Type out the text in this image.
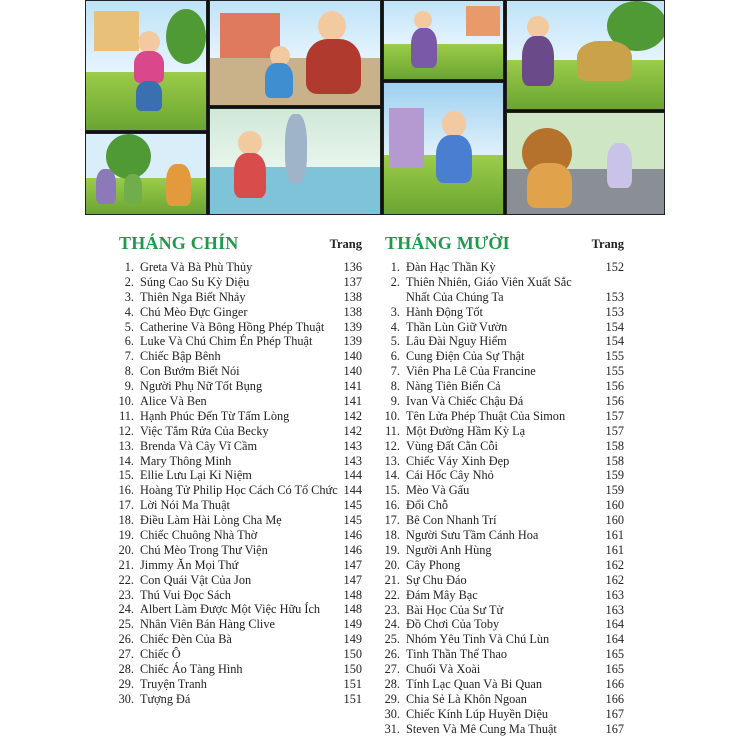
THÁNG CHÍN	Trang
1. Greta Và Bà Phù Thủy	136
2. Súng Cao Su Kỳ Diệu	137
3. Thiên Nga Biết Nhảy	138
4. Chú Mèo Đực Ginger	138
5. Catherine Và Bông Hồng Phép Thuật 139
6. Luke Và Chú Chim Én Phép Thuật	139
7. Chiếc Bập Bênh	140
8. Con Bướm Biết Nói	140
9. Người Phụ Nữ Tốt Bụng	141
10. Alice Và Ben	141
11. Hạnh Phúc Đến Từ Tấm Lòng	142
12. Việc Tắm Rửa Của Becky	142
13. Brenda Và Cây Vĩ Cầm	143
14. Mary Thông Minh	143
15. Ellie Lưu Lại Kỉ Niệm	144
16. Hoàng Tử Philip Học Cách Có Tổ Chức 144
17. Lời Nói Ma Thuật	145
18. Điều Làm Hài Lòng Cha Mẹ	145
19. Chiếc Chuông Nhà Thờ	146
20. Chú Mèo Trong Thư Viện	146
21. Jimmy Ăn Mọi Thứ	147
22. Con Quái Vật Của Jon	147
23. Thú Vui Đọc Sách	148
24. Albert Làm Được Một Việc Hữu Ích 148
25. Nhân Viên Bán Hàng Clive	149
26. Chiếc Đèn Của Bà	149
27. Chiếc Ô	150
28. Chiếc Áo Tàng Hình	150
29. Truyện Tranh	151
30. Tượng Đá	151
THÁNG MƯỜI	Trang
1. Đàn Hạc Thần Kỳ	152
2. Thiên Nhiên, Giáo Viên Xuất Sắc Nhất Của Chúng Ta	153
3. Hành Động Tốt	153
4. Thần Lùn Giữ Vườn	154
5. Lâu Đài Nguy Hiểm	154
6. Cung Điện Của Sự Thật	155
7. Viên Pha Lê Của Francine	155
8. Nàng Tiên Biển Cả	156
9. Ivan Và Chiếc Chậu Đá	156
10. Tên Lửa Phép Thuật Của Simon	157
11. Một Đường Hầm Kỳ Lạ	157
12. Vùng Đất Cằn Cỗi	158
13. Chiếc Váy Xinh Đẹp	158
14. Cái Hốc Cây Nhỏ	159
15. Mèo Và Gấu	159
16. Đổi Chỗ	160
17. Bê Con Nhanh Trí	160
18. Người Sưu Tầm Cánh Hoa	161
19. Người Anh Hùng	161
20. Cây Phong	162
21. Sự Chu Đáo	162
22. Đám Mây Bạc	163
23. Bài Học Của Sư Tử	163
24. Đồ Chơi Của Toby	164
25. Nhóm Yêu Tinh Và Chú Lùn	164
26. Tinh Thần Thể Thao	165
27. Chuối Và Xoài	165
28. Tính Lạc Quan Và Bi Quan	166
29. Chia Sẻ Là Khôn Ngoan	166
30. Chiếc Kính Lúp Huyền Diệu	167
31. Steven Và Mê Cung Ma Thuật	167
